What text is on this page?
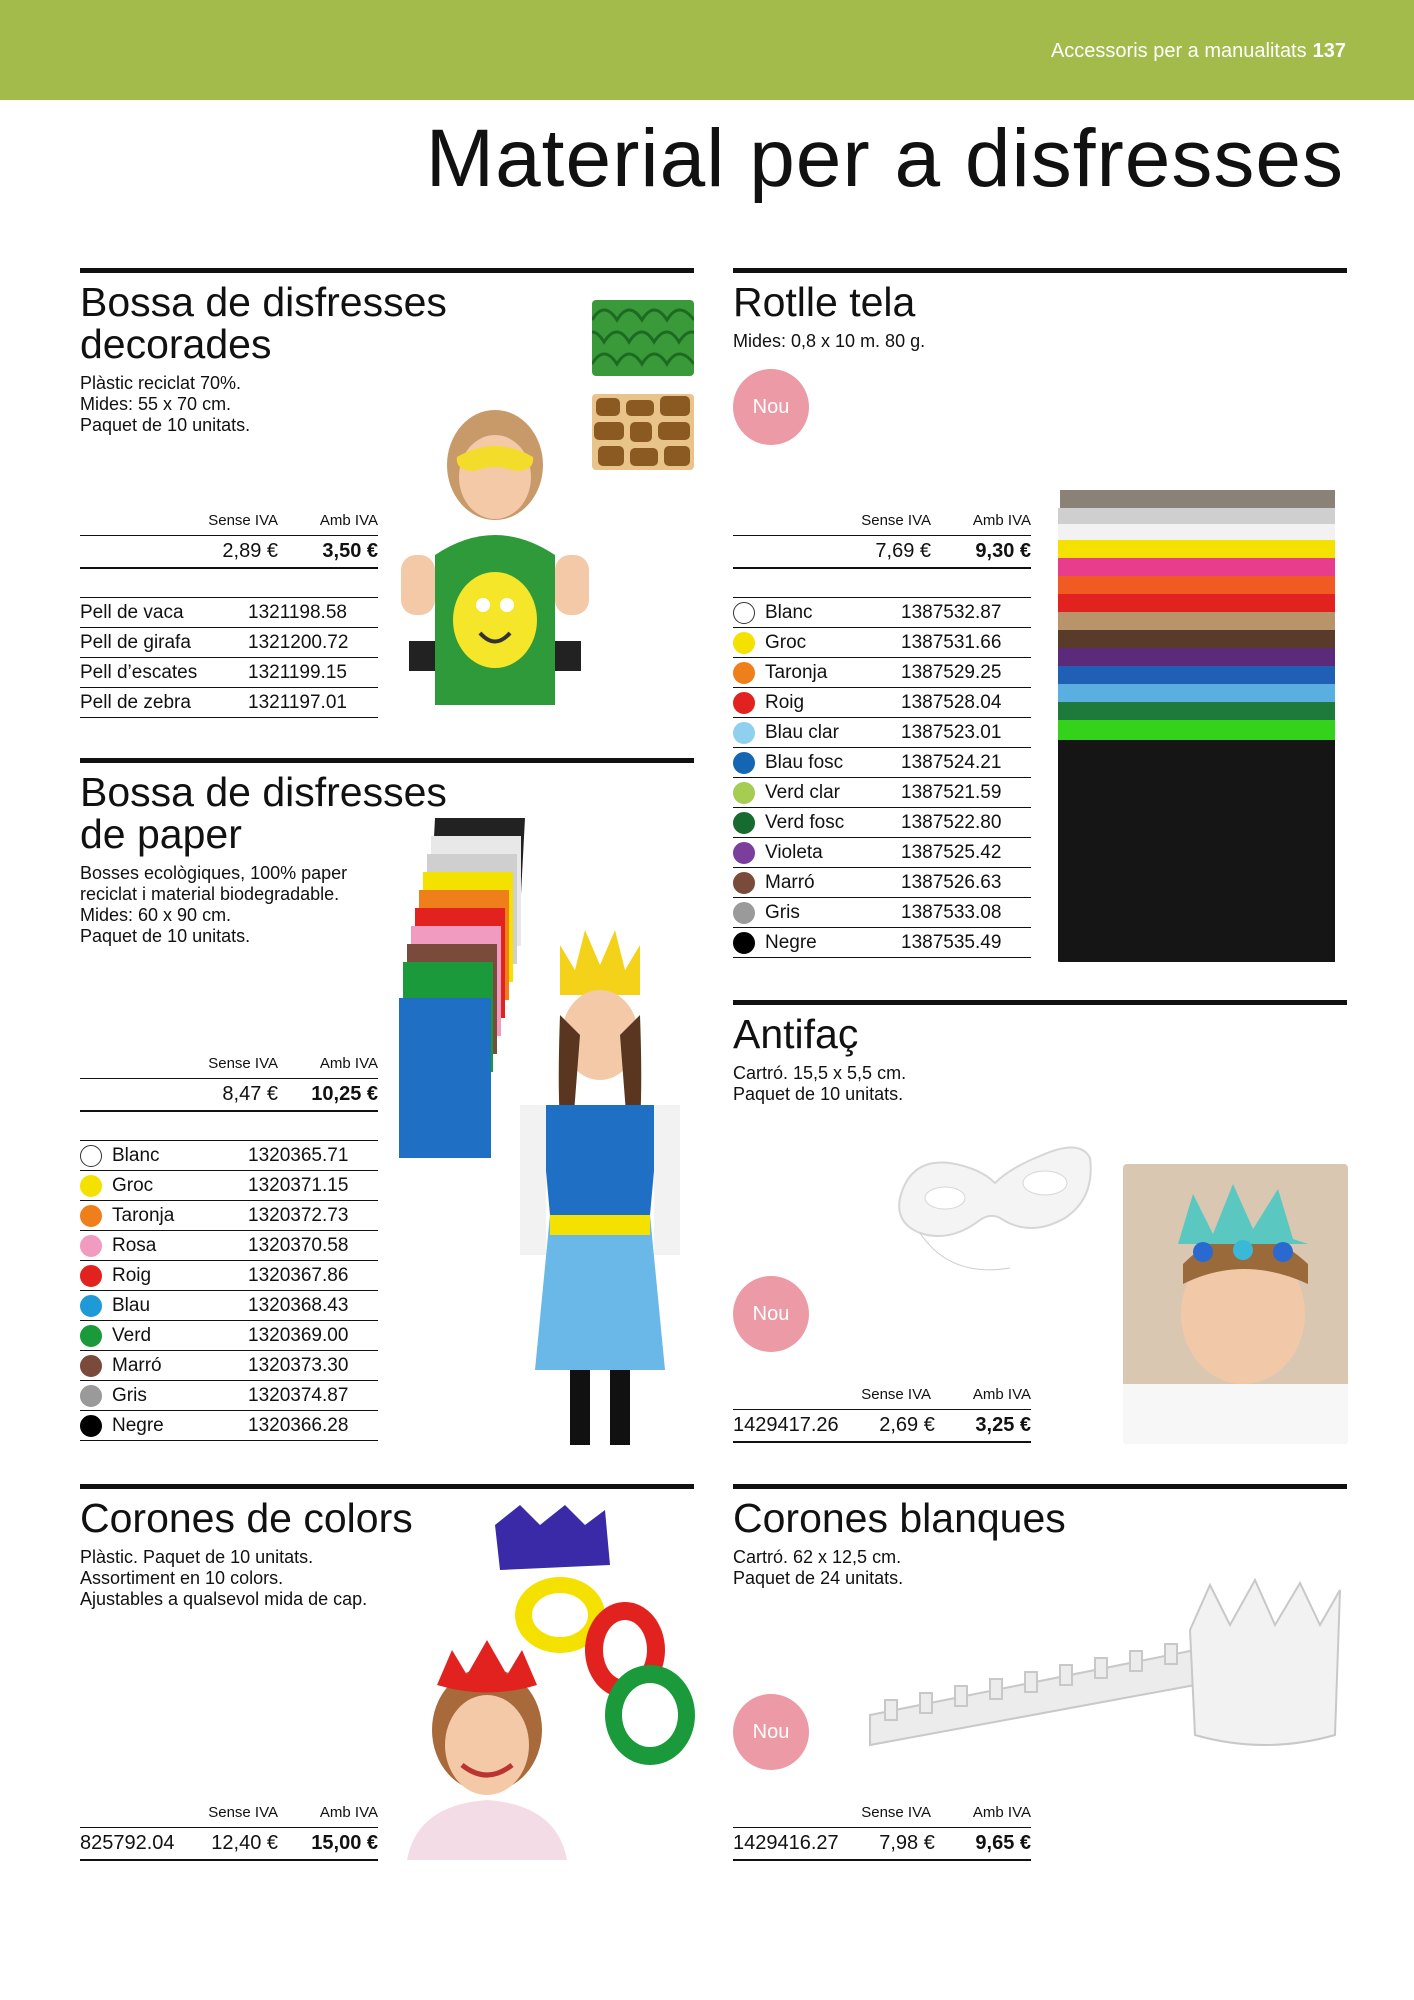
Accessoris per a manualitats 137
Material per a disfresses
Bossa de disfresses
decorades
Plàstic reciclat 70%.
Mides: 55 x 70 cm.
Paquet de 10 unitats.
Sense IVA	Amb IVA
2,89 €	3,50 €
Pell de vaca	1321198.58
Pell de girafa	1321200.72
Pell d’escates	1321199.15
Pell de zebra	1321197.01
Bossa de disfresses
de paper
Bosses ecològiques, 100% paper
reciclat i material biodegradable.
Mides: 60 x 90 cm.
Paquet de 10 unitats.
Sense IVA	Amb IVA
8,47 €	10,25 €
Blanc	1320365.71
Groc	1320371.15
Taronja	1320372.73
Rosa	1320370.58
Roig	1320367.86
Blau	1320368.43
Verd	1320369.00
Marró	1320373.30
Gris	1320374.87
Negre	1320366.28
Rotlle tela
Mides: 0,8 x 10 m. 80 g.
Nou
Sense IVA	Amb IVA
7,69 €	9,30 €
Blanc	1387532.87
Groc	1387531.66
Taronja	1387529.25
Roig	1387528.04
Blau clar	1387523.01
Blau fosc	1387524.21
Verd clar	1387521.59
Verd fosc	1387522.80
Violeta	1387525.42
Marró	1387526.63
Gris	1387533.08
Negre	1387535.49
Antifaç
Cartró. 15,5 x 5,5 cm.
Paquet de 10 unitats.
Nou
Sense IVA	Amb IVA
1429417.26	2,69 €	3,25 €
Corones de colors
Plàstic. Paquet de 10 unitats.
Assortiment en 10 colors.
Ajustables a qualsevol mida de cap.
Sense IVA	Amb IVA
825792.04	12,40 €	15,00 €
Corones blanques
Cartró. 62 x 12,5 cm.
Paquet de 24 unitats.
Nou
Sense IVA	Amb IVA
1429416.27	7,98 €	9,65 €
